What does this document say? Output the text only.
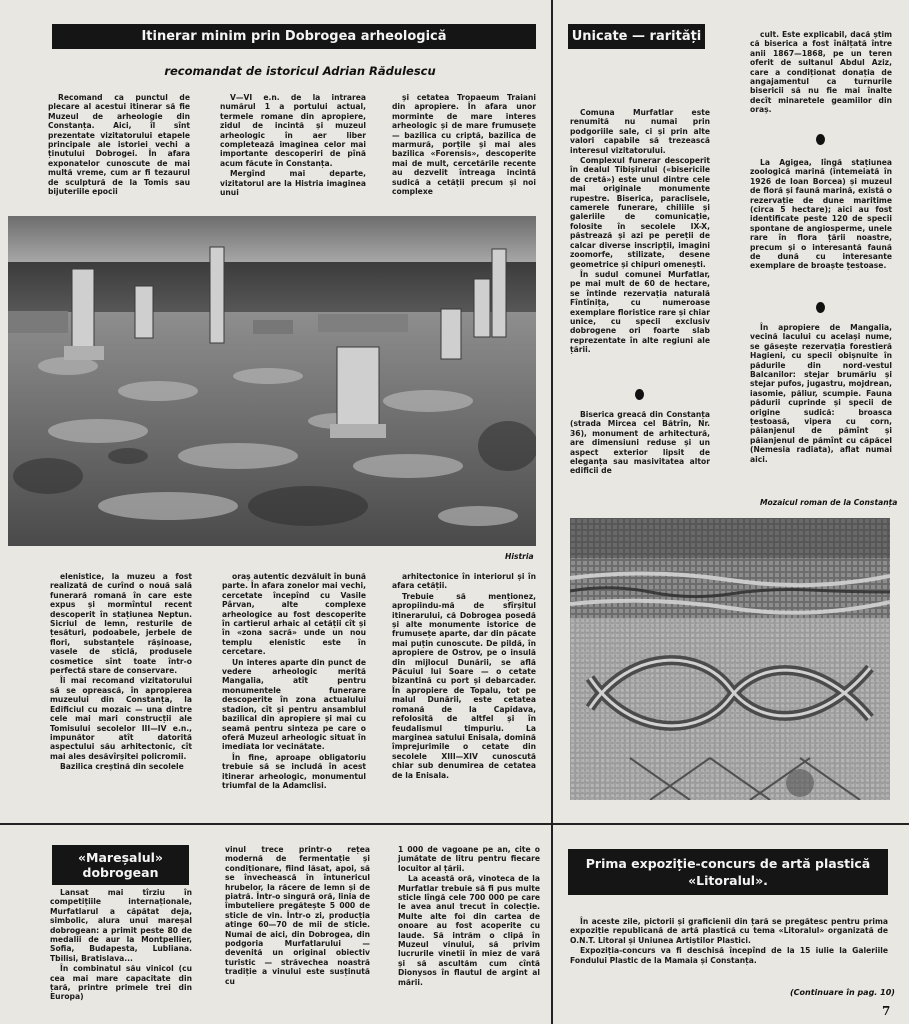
Itinerar minim prin Dobrogea arheologică
recomandat de istoricul Adrian Rădulescu

Recomand ca punctul de plecare al acestui itinerar să fie Muzeul de arheologie din Constanța. Aici, îl sînt prezentate vizitatorului etapele principale ale istoriei vechi a ținutului Dobrogei. În afara exponatelor cunoscute de mai multă vreme, cum ar fi tezaurul de sculptură de la Tomis sau bijuteriile epocii

V—VI e.n. de la intrarea numărul 1 a portului actual, termele romane din apropiere, zidul de incintă și muzeul arheologic în aer liber completează imaginea celor mai importante descoperiri de pînă acum făcute în Constanța.

Mergînd mai departe, vizitatorul are la Histria imaginea unui

și cetatea Tropaeum Traiani din apropiere. În afara unor morminte de mare interes arheologic și de mare frumusețe — bazilica cu criptă, bazilica de marmură, porțile și mai ales bazilica «Forensis», descoperite mai de mult, cercetările recente au dezvelit întreaga incintă sudică a cetății precum și noi complexe

Histria

elenistice, la muzeu a fost realizată de curînd o nouă sală funerară romană în care este expus și mormîntul recent descoperit în stațiunea Neptun. Sicriul de lemn, resturile de țesături, podoabele, jerbele de flori, substanțele rășinoase, vasele de sticlă, produsele cosmetice sînt toate într-o perfectă stare de conservare.

Îi mai recomand vizitatorului să se oprească, în apropierea muzeului din Constanța, la Edificiul cu mozaic — una dintre cele mai mari construcții ale Tomisului secolelor III—IV e.n., impunător atît datorită aspectului său arhitectonic, cît mai ales desăvîrșitei policromii.

Bazilica creștină din secolele

oraș autentic dezvăluit în bună parte. În afara zonelor mai vechi, cercetate începînd cu Vasile Pârvan, alte complexe arheologice au fost descoperite în cartierul arhaic al cetății cît și în «zona sacră» unde un nou templu elenistic este în cercetare.

Un interes aparte din punct de vedere arheologic merită Mangalia, atît pentru monumentele funerare descoperite în zona actualului stadion, cît și pentru ansamblul bazilical din apropiere și mai cu seamă pentru sinteza pe care o oferă Muzeul arheologic situat în imediata lor vecinătate.

În fine, aproape obligatoriu trebuie să se includă în acest itinerar arheologic, monumentul triumfal de la Adamclisi.

arhitectonice în interiorul și în afara cetății.

Trebuie să menționez, apropiindu-mă de sfîrșitul itinerarului, că Dobrogea posedă și alte monumente istorice de frumusețe aparte, dar din păcate mai puțin cunoscute. De pildă, în apropiere de Ostrov, pe o insulă din mijlocul Dunării, se află Păcuiul lui Soare — o cetate bizantină cu port și debarcader. În apropiere de Topalu, tot pe malul Dunării, este cetatea romană de la Capidava, refolosită de altfel și în feudalismul timpuriu. La marginea satului Enisala, domină împrejurimile o cetate din secolele XIII—XIV cunoscută chiar sub denumirea de cetatea de la Enisala.

Unicate — rarități

Comuna Murfatlar este renumită nu numai prin podgoriile sale, ci și prin alte valori capabile să trezească interesul vizitatorului.

Complexul funerar descoperit în dealul Tibișirului («bisericile de cretă») este unul dintre cele mai originale monumente rupestre. Biserica, paraclisele, camerele funerare, chiliile și galeriile de comunicație, folosite în secolele IX-X, păstrează și azi pe pereții de calcar diverse inscripții, imagini zoomorfe, stilizate, desene geometrice și chipuri omenești.

În sudul comunei Murfatlar, pe mai mult de 60 de hectare, se întinde rezervația naturală Fîntînița, cu numeroase exemplare floristice rare și chiar unice, cu specii exclusiv dobrogene ori foarte slab reprezentate în alte regiuni ale țării.

Biserica greacă din Constanța (strada Mircea cel Bătrîn, Nr. 36), monument de arhitectură, are dimensiuni reduse și un aspect exterior lipsit de eleganța sau masivitatea altor edificii de

cult. Este explicabil, dacă știm că biserica a fost înălțată între anii 1867—1868, pe un teren oferit de sultanul Abdul Aziz, care a condiționat donația de angajamentul ca turnurile bisericii să nu fie mai înalte decît minaretele geamiilor din oraș.

La Agigea, lîngă stațiunea zoologică marină (întemeiată în 1926 de Ioan Borcea) și muzeul de floră și faună marină, există o rezervație de dune maritime (circa 5 hectare); aici au fost identificate peste 120 de specii spontane de angiosperme, unele rare în flora țării noastre, precum și o interesantă faună de dună cu interesante exemplare de broaște țestoase.

În apropiere de Mangalia, vecină lacului cu același nume, se găsește rezervația forestieră Hagieni, cu specii obișnuite în pădurile din nord-vestul Balcanilor: stejar brumăriu și stejar pufos, jugastru, mojdrean, iasomie, păliur, scumpie. Fauna pădurii cuprinde și specii de origine sudică: broasca țestoasă, vipera cu corn, păianjenul de pămînt și păianjenul de pămînt cu căpăcel (Nemesia radiata), aflat numai aici.

Mozaicul roman de la Constanța
«Mareșalul»
dobrogean

Lansat mai tîrziu în competițiile internaționale, Murfatlarul a căpătat deja, simbolic, alura unui mareșal dobrogean: a primit peste 80 de medalii de aur la Montpellier, Sofia, Budapesta, Lubliana. Tbilisi, Bratislava...

În combinatul său vinicol (cu cea mai mare capacitate din țară, printre primele trei din Europa)

vinul trece printr-o rețea modernă de fermentație și condiționare, fiind lăsat, apoi, să se învechească în întunericul hrubelor, la răcere de lemn și de piatră. Într-o singură oră, linia de îmbuteliere pregătește 5 000 de sticle de vin. Într-o zi, producția atinge 60—70 de mii de sticle. Numai de aici, din Dobrogea, din podgoria Murfatlarului — devenită un original obiectiv turistic — străvechea noastră tradiție a vinului este susținută cu

1 000 de vagoane pe an, cite o jumătate de litru pentru fiecare locuitor al țării.

La această oră, vinoteca de la Murfatlar trebuie să fi pus multe sticle lîngă cele 700 000 pe care le avea anul trecut în colecție. Multe alte foi din cartea de onoare au fost acoperite cu laude. Să intrăm o clipă în Muzeul vinului, să privim lucrurile vinetii în miez de vară și să ascultăm cum cîntă Dionysos în flautul de argint al mării.

Prima expoziție-concurs de artă plastică
«Litoralul».

În aceste zile, pictorii și graficienii din țară se pregătesc pentru prima expoziție republicană de artă plastică cu tema «Litoralul» organizată de O.N.T. Litoral și Uniunea Artiștilor Plastici.

Expoziția-concurs va fi deschisă începînd de la 15 iulie la Galeriile Fondului Plastic de la Mamaia și Constanța.

(Continuare în pag. 10)
7
